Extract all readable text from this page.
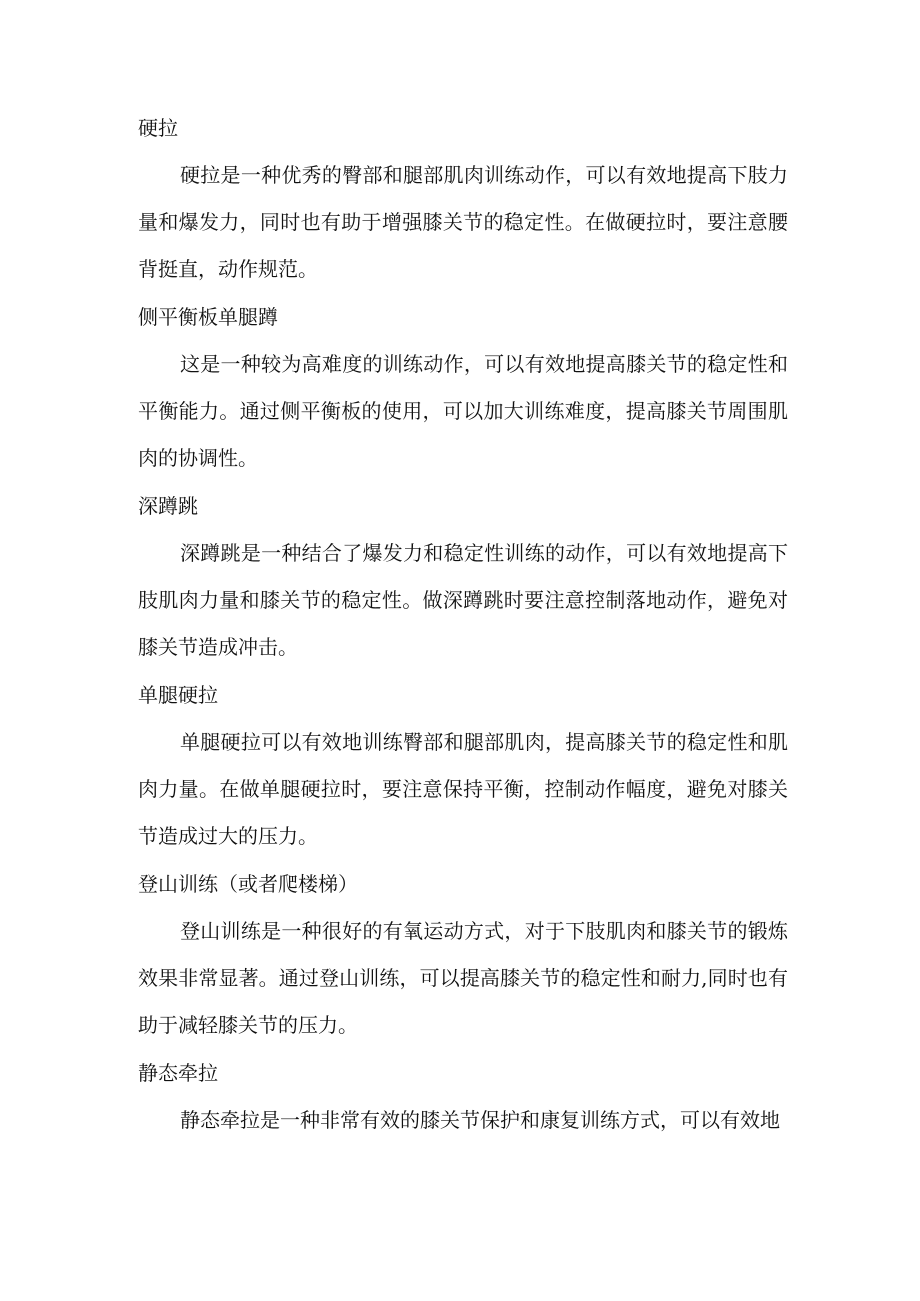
硬拉

硬拉是一种优秀的臀部和腿部肌肉训练动作，可以有效地提高下肢力量和爆发力，同时也有助于增强膝关节的稳定性。在做硬拉时，要注意腰背挺直，动作规范。

侧平衡板单腿蹲

这是一种较为高难度的训练动作，可以有效地提高膝关节的稳定性和平衡能力。通过侧平衡板的使用，可以加大训练难度，提高膝关节周围肌肉的协调性。

深蹲跳

深蹲跳是一种结合了爆发力和稳定性训练的动作，可以有效地提高下肢肌肉力量和膝关节的稳定性。做深蹲跳时要注意控制落地动作，避免对膝关节造成冲击。

单腿硬拉

单腿硬拉可以有效地训练臀部和腿部肌肉，提高膝关节的稳定性和肌肉力量。在做单腿硬拉时，要注意保持平衡，控制动作幅度，避免对膝关节造成过大的压力。

登山训练（或者爬楼梯）

登山训练是一种很好的有氧运动方式，对于下肢肌肉和膝关节的锻炼效果非常显著。通过登山训练，可以提高膝关节的稳定性和耐力,同时也有助于减轻膝关节的压力。

静态牵拉

静态牵拉是一种非常有效的膝关节保护和康复训练方式，可以有效地
